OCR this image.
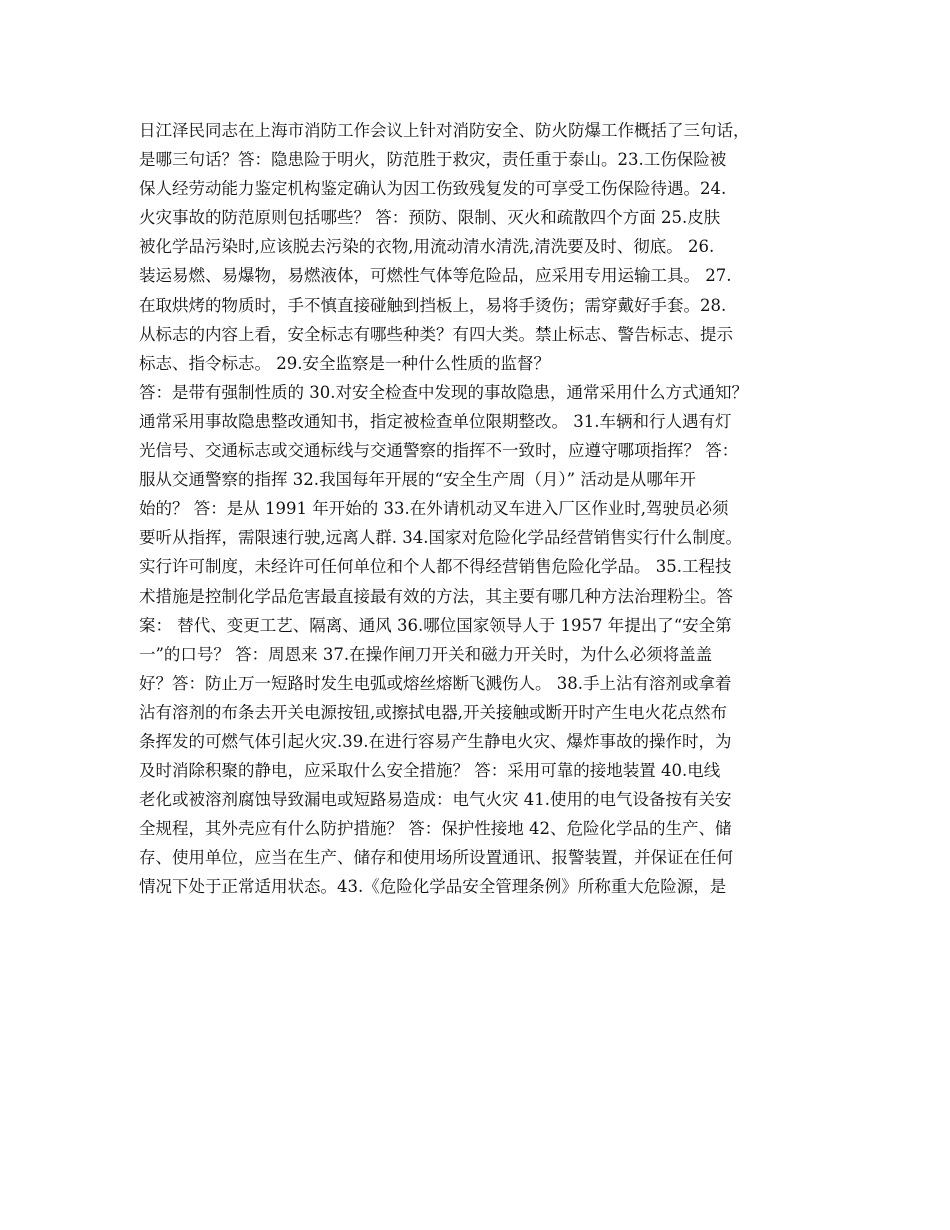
日江泽民同志在上海市消防工作会议上针对消防安全、防火防爆工作概括了三句话，
是哪三句话？答：隐患险于明火，防范胜于救灾，责任重于泰山。23.工伤保险被
保人经劳动能力鉴定机构鉴定确认为因工伤致残复发的可享受工伤保险待遇。24.
火灾事故的防范原则包括哪些？ 答：预防、限制、灭火和疏散四个方面 25.皮肤
被化学品污染时,应该脱去污染的衣物,用流动清水清洗,清洗要及时、彻底。 26.
装运易燃、易爆物，易燃液体，可燃性气体等危险品，应采用专用运输工具。 27.
在取烘烤的物质时，手不慎直接碰触到挡板上，易将手烫伤；需穿戴好手套。28.
从标志的内容上看，安全标志有哪些种类？有四大类。禁止标志、警告标志、提示
标志、指令标志。 29.安全监察是一种什么性质的监督？
答：是带有强制性质的 30.对安全检查中发现的事故隐患，通常采用什么方式通知？
通常采用事故隐患整改通知书，指定被检查单位限期整改。 31.车辆和行人遇有灯
光信号、交通标志或交通标线与交通警察的指挥不一致时，应遵守哪项指挥？ 答：
服从交通警察的指挥 32.我国每年开展的“安全生产周（月）” 活动是从哪年开
始的？ 答：是从 1991 年开始的 33.在外请机动叉车进入厂区作业时,驾驶员必须
要听从指挥，需限速行驶,远离人群. 34.国家对危险化学品经营销售实行什么制度。
实行许可制度，未经许可任何单位和个人都不得经营销售危险化学品。 35.工程技
术措施是控制化学品危害最直接最有效的方法，其主要有哪几种方法治理粉尘。答
案： 替代、变更工艺、隔离、通风 36.哪位国家领导人于 1957 年提出了“安全第
一”的口号？ 答：周恩来 37.在操作闸刀开关和磁力开关时，为什么必须将盖盖
好？答：防止万一短路时发生电弧或熔丝熔断飞溅伤人。 38.手上沾有溶剂或拿着
沾有溶剂的布条去开关电源按钮,或擦拭电器,开关接触或断开时产生电火花点然布
条挥发的可燃气体引起火灾.39.在进行容易产生静电火灾、爆炸事故的操作时，为
及时消除积聚的静电，应采取什么安全措施？ 答：采用可靠的接地装置 40.电线
老化或被溶剂腐蚀导致漏电或短路易造成：电气火灾 41.使用的电气设备按有关安
全规程，其外壳应有什么防护措施？ 答：保护性接地 42、危险化学品的生产、储
存、使用单位，应当在生产、储存和使用场所设置通讯、报警装置，并保证在任何
情况下处于正常适用状态。43.《危险化学品安全管理条例》所称重大危险源，是
